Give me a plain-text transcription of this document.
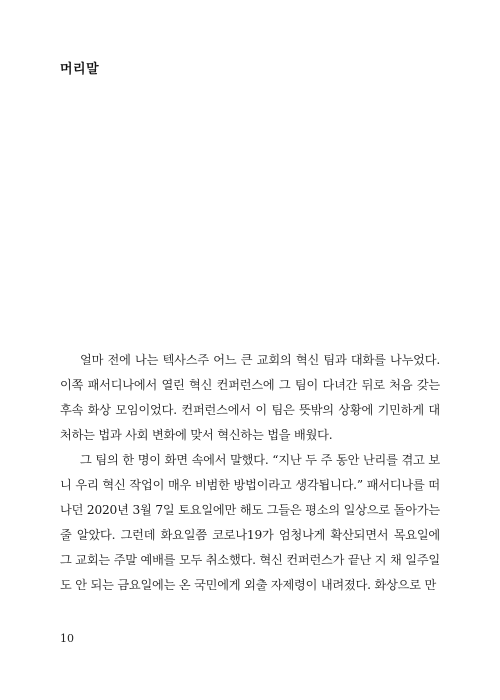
머리말

얼마 전에 나는 텍사스주 어느 큰 교회의 혁신 팀과 대화를 나누었다. 이쪽 패서디나에서 열린 혁신 컨퍼런스에 그 팀이 다녀간 뒤로 처음 갖는 후속 화상 모임이었다. 컨퍼런스에서 이 팀은 뜻밖의 상황에 기민하게 대처하는 법과 사회 변화에 맞서 혁신하는 법을 배웠다.

그 팀의 한 명이 화면 속에서 말했다. “지난 두 주 동안 난리를 겪고 보니 우리 혁신 작업이 매우 비범한 방법이라고 생각됩니다.” 패서디나를 떠나던 2020년 3월 7일 토요일에만 해도 그들은 평소의 일상으로 돌아가는 줄 알았다. 그런데 화요일쯤 코로나19가 엄청나게 확산되면서 목요일에 그 교회는 주말 예배를 모두 취소했다. 혁신 컨퍼런스가 끝난 지 채 일주일도 안 되는 금요일에는 온 국민에게 외출 자제령이 내려졌다. 화상으로 만

10
